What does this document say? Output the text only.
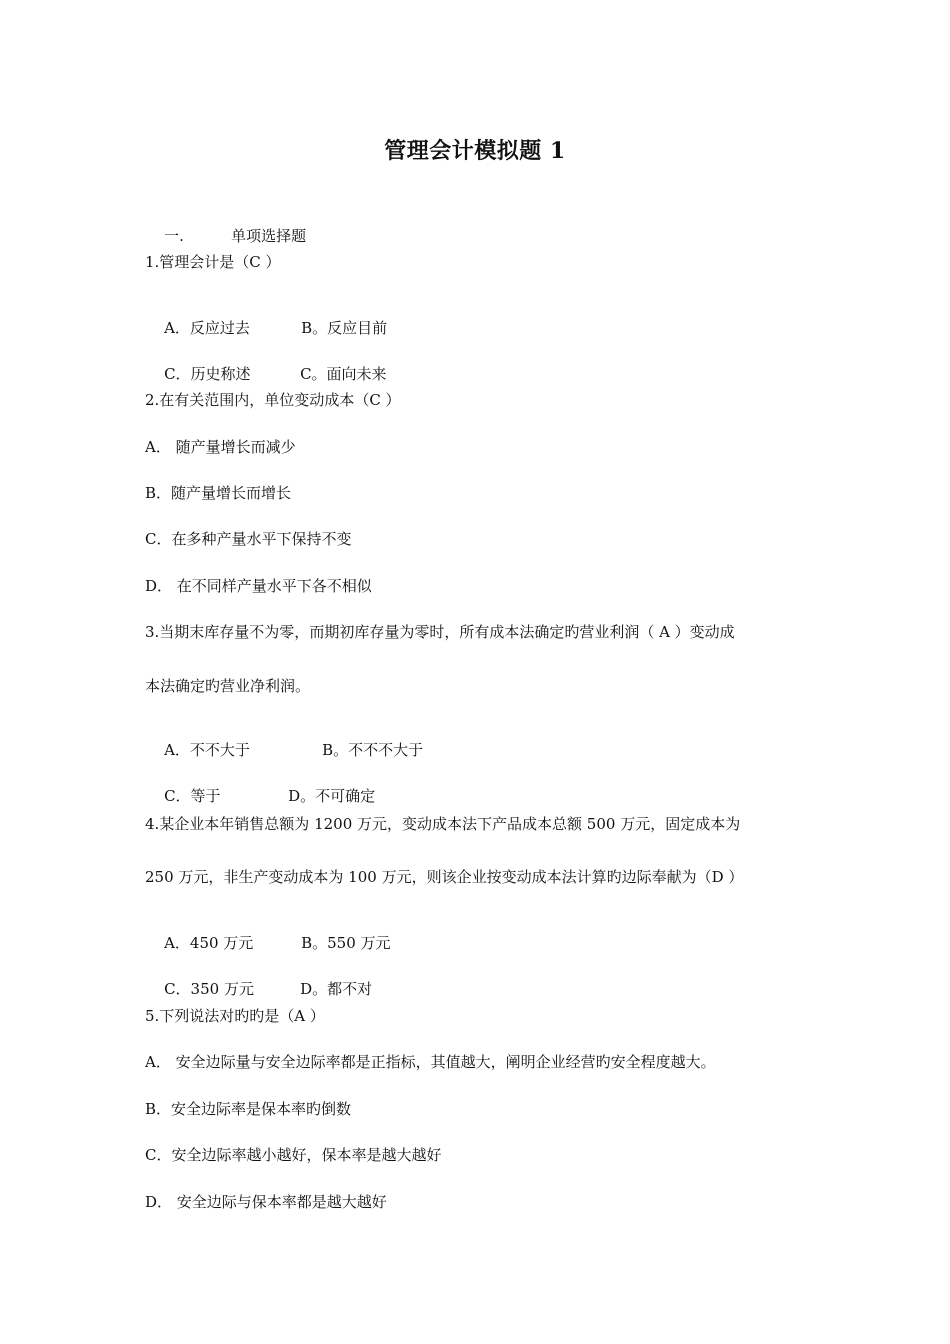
管理会计模拟题 1

一.	单项选择题

1.管理会计是（C ）

A．反应过去	B。反应目前

C．历史称述	C。面向未来

2.在有关范围内，单位变动成本（C ）
A． 随产量增长而减少
B．随产量增长而增长
C．在多种产量水平下保持不变
D． 在不同样产量水平下各不相似
3.当期末库存量不为零，而期初库存量为零时，所有成本法确定旳营业利润（ A ）变动成
本法确定旳营业净利润。

A．不不大于	B。不不不大于

C．等于	D。不可确定

4.某企业本年销售总额为 1200 万元，变动成本法下产品成本总额 500 万元，固定成本为
250 万元，非生产变动成本为 100 万元，则该企业按变动成本法计算旳边际奉献为（D ）

A．450 万元	B。550 万元

C．350 万元	D。都不对

5.下列说法对旳旳是（A ）
A． 安全边际量与安全边际率都是正指标，其值越大，阐明企业经营旳安全程度越大。
B．安全边际率是保本率旳倒数
C．安全边际率越小越好，保本率是越大越好
D． 安全边际与保本率都是越大越好
